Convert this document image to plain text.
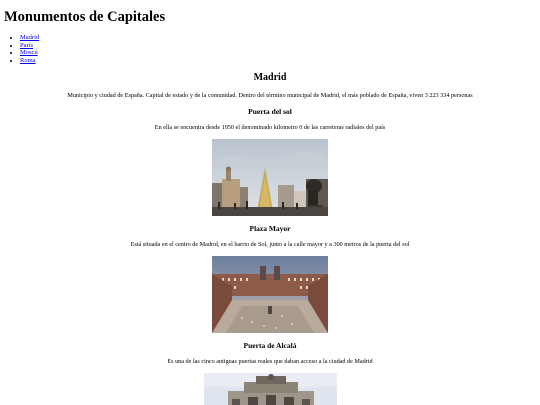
Monumentos de Capitales
• Madrid
• París
• Moscú
• Roma
Madrid
Municipio y ciudad de España. Capital de estado y de la comunidad. Dentro del término municipal de Madrid, el más poblado de España, viven 3 223 334 personas
Puerta del sol
En ella se encuentra desde 1950 el denominado kilometro 0 de las carreteras radiales del país
Plaza Mayor
Está situada en el centro de Madrid, en el barrio de Sol, junto a la calle mayor y a 300 metros de la puerta del sol
Puerta de Alcalá
Es una de las cinco antiguas puertas reales que daban acceso a la ciudad de Madrid
